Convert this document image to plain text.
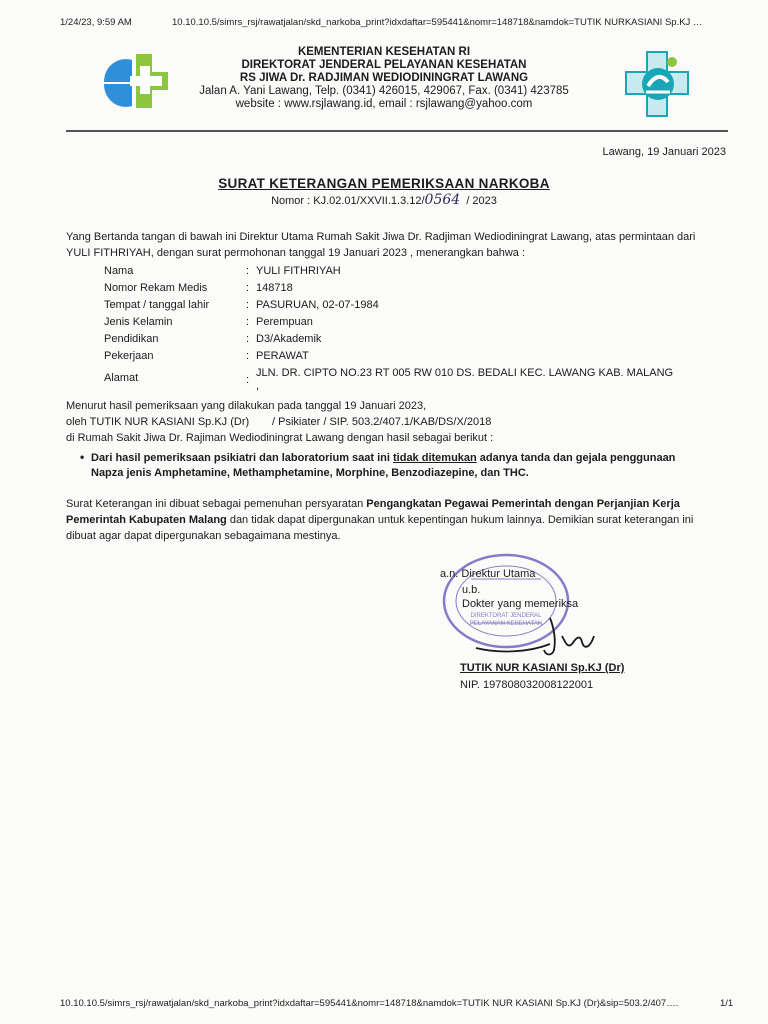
1/24/23, 9:59 AM	10.10.10.5/simrs_rsj/rawatjalan/skd_narkoba_print?idxdaftar=595441&nomr=148718&namdok=TUTIK NURKASIANI Sp.KJ …
KEMENTERIAN KESEHATAN RI
DIREKTORAT JENDERAL PELAYANAN KESEHATAN
RS JIWA Dr. RADJIMAN WEDIODININGRAT LAWANG
Jalan A. Yani Lawang, Telp. (0341) 426015, 429067, Fax. (0341) 423785
website : www.rsjlawang.id, email : rsjlawang@yahoo.com
Lawang, 19 Januari 2023
SURAT KETERANGAN PEMERIKSAAN NARKOBA
Nomor : KJ.02.01/XXVII.1.3.12/0564 / 2023
Yang Bertanda tangan di bawah ini Direktur Utama Rumah Sakit Jiwa Dr. Radjiman Wediodiningrat Lawang, atas permintaan dari
YULI FITHRIYAH, dengan surat permohonan tanggal 19 Januari 2023 , menerangkan bahwa :
Nama	: YULI FITHRIYAH
Nomor Rekam Medis	: 148718
Tempat / tanggal lahir	: PASURUAN, 02-07-1984
Jenis Kelamin	: Perempuan
Pendidikan	: D3/Akademik
Pekerjaan	: PERAWAT
Alamat	:
JLN. DR. CIPTO NO.23 RT 005 RW 010 DS. BEDALI KEC. LAWANG KAB. MALANG
,
Menurut hasil pemeriksaan yang dilakukan pada tanggal 19 Januari 2023,
oleh TUTIK NUR KASIANI Sp.KJ (Dr) / Psikiater / SIP. 503.2/407.1/KAB/DS/X/2018
di Rumah Sakit Jiwa Dr. Rajiman Wediodiningrat Lawang dengan hasil sebagai berikut :
• Dari hasil pemeriksaan psikiatri dan laboratorium saat ini tidak ditemukan adanya tanda dan gejala penggunaan
Napza jenis Amphetamine, Methamphetamine, Morphine, Benzodiazepine, dan THC.
Surat Keterangan ini dibuat sebagai pemenuhan persyaratan Pengangkatan Pegawai Pemerintah dengan Perjanjian Kerja
Pemerintah Kabupaten Malang dan tidak dapat dipergunakan untuk kepentingan hukum lainnya. Demikian surat keterangan ini
dibuat agar dapat dipergunakan sebagaimana mestinya.
DIREKTORAT JENDERAL PELAYANAN KESEHATAN
a.n. Direktur Utama
u.b.
Dokter yang memeriksa
TUTIK NUR KASIANI Sp.KJ (Dr)
NIP. 197808032008122001
10.10.10.5/simrs_rsj/rawatjalan/skd_narkoba_print?idxdaftar=595441&nomr=148718&namdok=TUTIK NUR KASIANI Sp.KJ (Dr)&sip=503.2/407….	1/1
